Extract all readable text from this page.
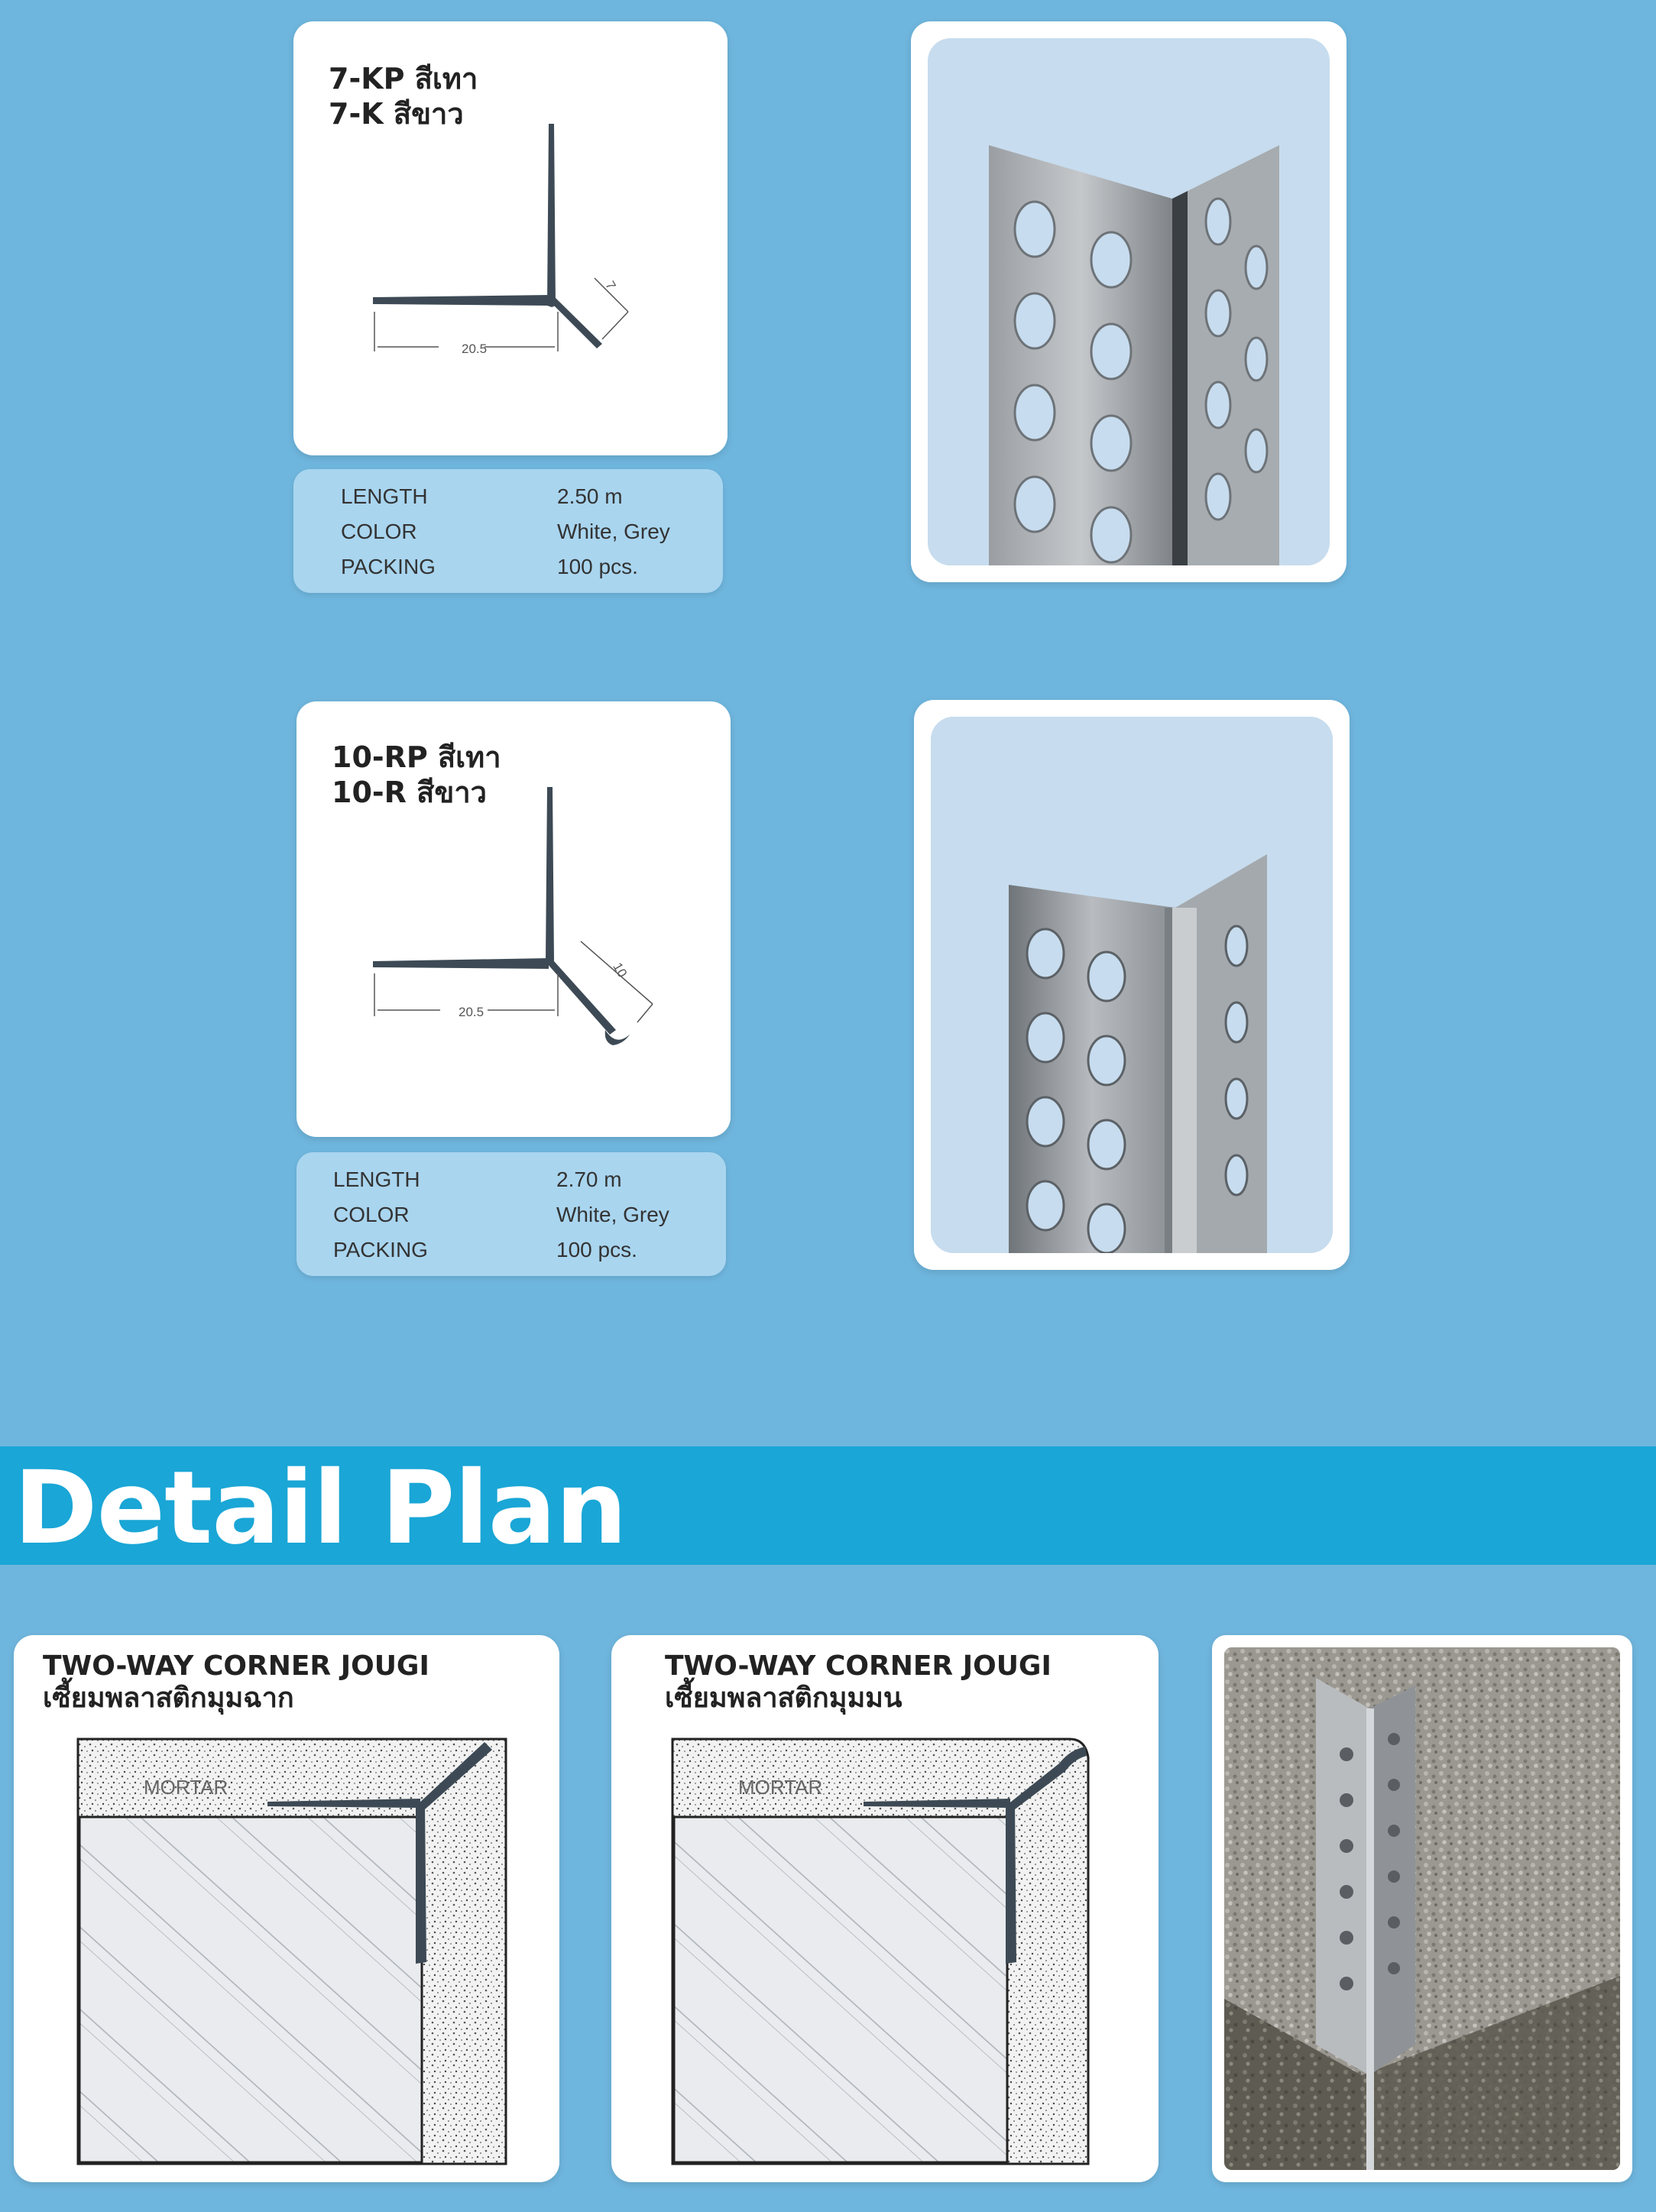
7-KP สีเทา
7-K สีขาว
20.5
7
LENGTH	2.50 m
COLOR	White, Grey
PACKING	100 pcs.
10-RP สีเทา
10-R สีขาว
20.5
10
LENGTH	2.70 m
COLOR	White, Grey
PACKING	100 pcs.
Detail Plan
TWO-WAY CORNER JOUGI
เซี้ยมพลาสติกมุมฉาก
MORTAR
TWO-WAY CORNER JOUGI
เซี้ยมพลาสติกมุมมน
MORTAR
